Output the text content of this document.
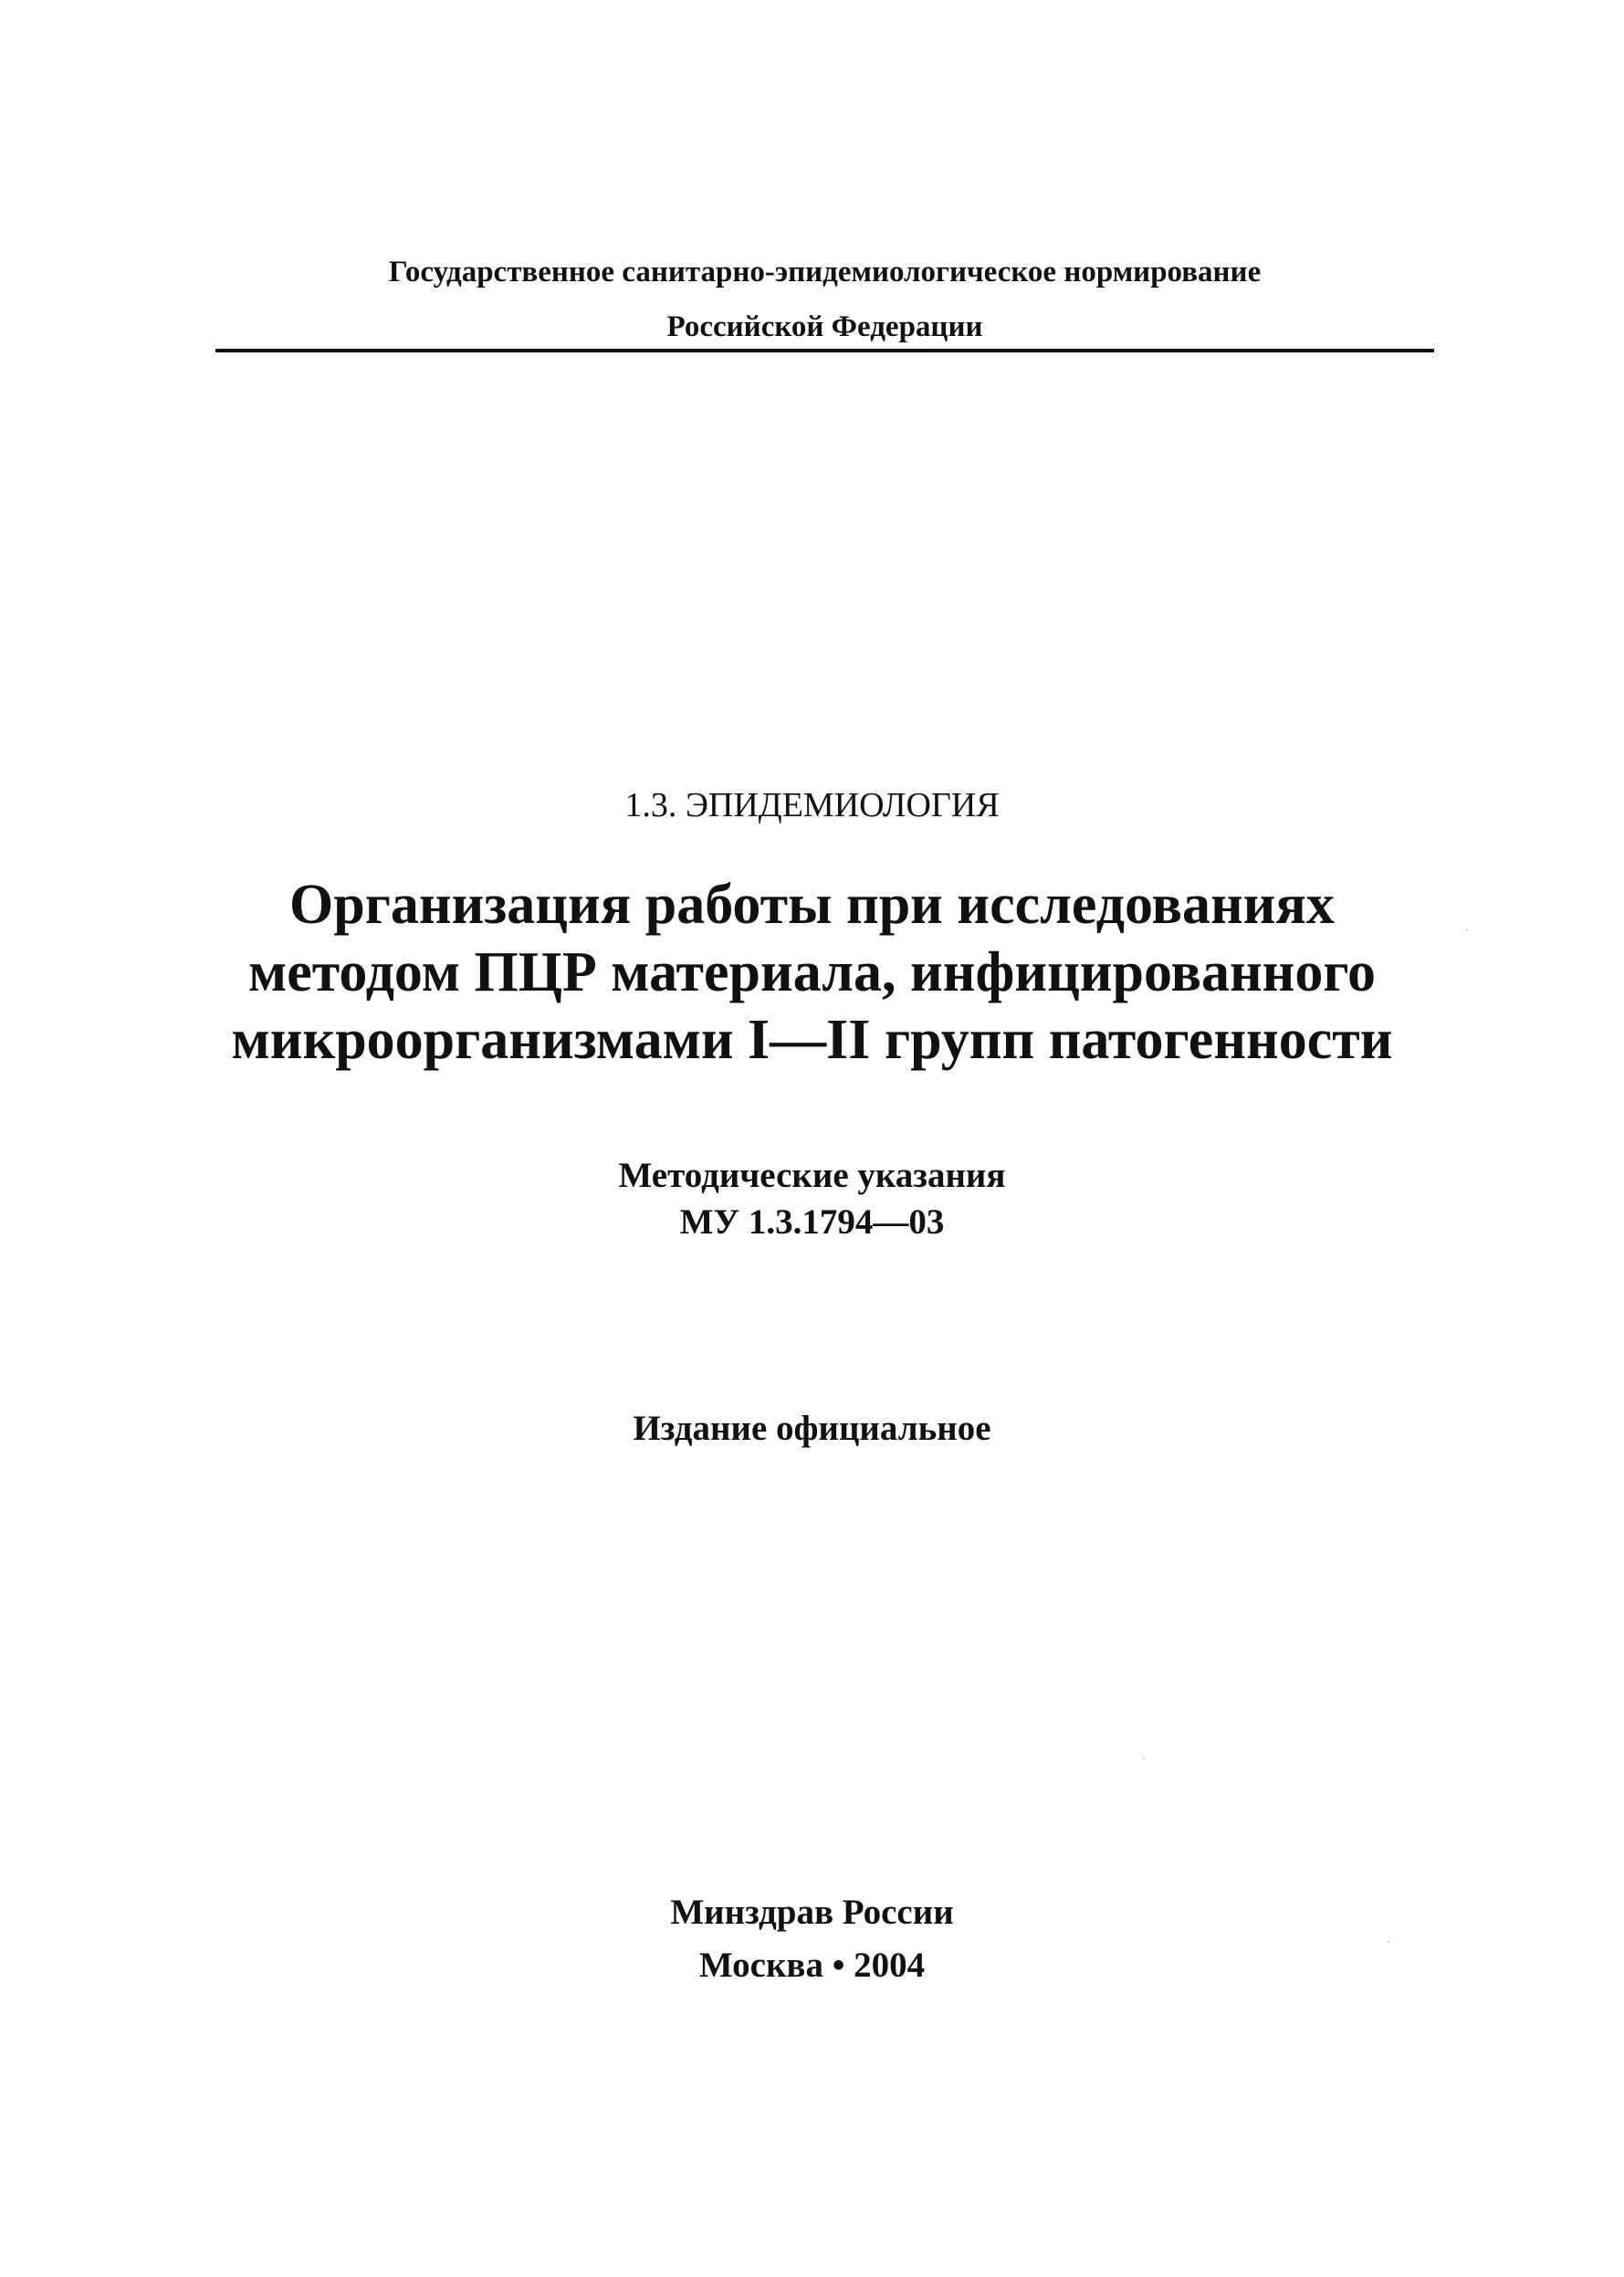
Государственное санитарно-эпидемиологическое нормирование
Российской Федерации
1.3. ЭПИДЕМИОЛОГИЯ
Организация работы при исследованиях
методом ПЦР материала, инфицированного
микроорганизмами I—II групп патогенности
Методические указания
МУ 1.3.1794—03
Издание официальное
Минздрав России
Москва • 2004
